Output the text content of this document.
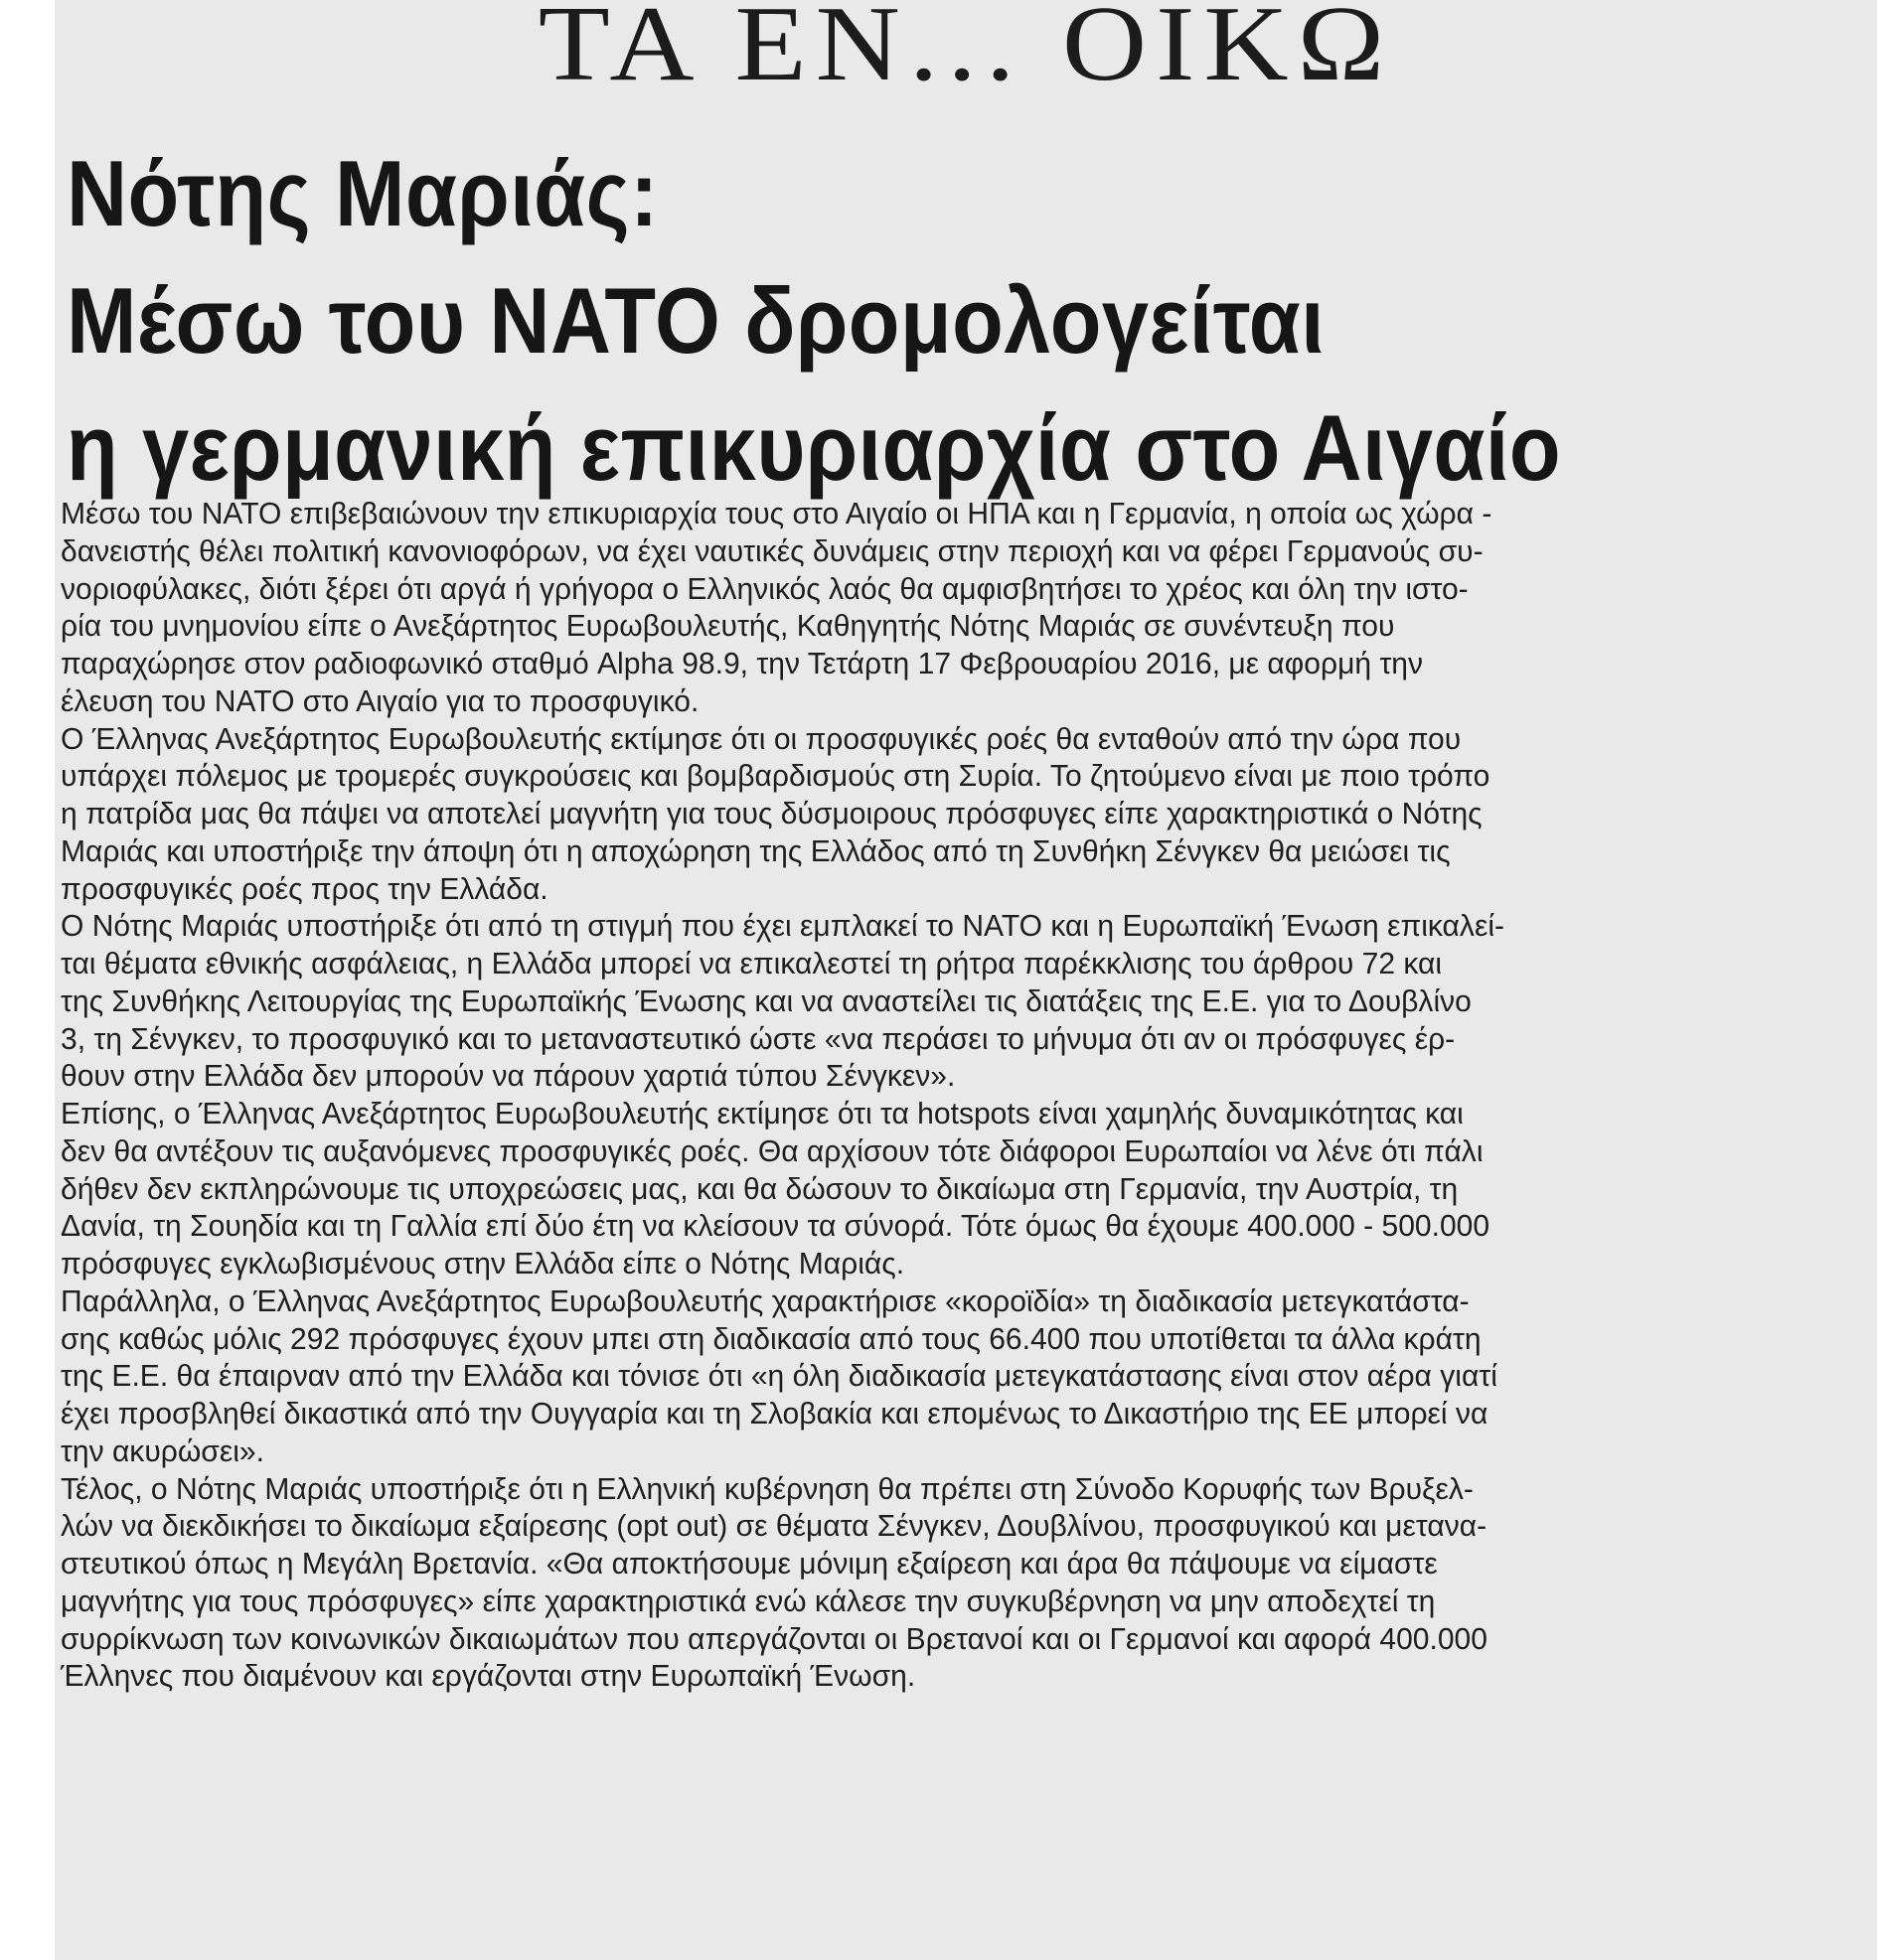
ΤΑ ΕΝ... ΟΙΚΩ
Νότης Μαριάς:
Μέσω του ΝΑΤΟ δρομολογείται
η γερμανική επικυριαρχία στο Αιγαίο
Μέσω του ΝΑΤΟ επιβεβαιώνουν την επικυριαρχία τους στο Αιγαίο οι ΗΠΑ και η Γερμανία, η οποία ως χώρα -
δανειστής θέλει πολιτική κανονιοφόρων, να έχει ναυτικές δυνάμεις στην περιοχή και να φέρει Γερμανούς συ-
νοριοφύλακες, διότι ξέρει ότι αργά ή γρήγορα ο Ελληνικός λαός θα αμφισβητήσει το χρέος και όλη την ιστο-
ρία του μνημονίου είπε ο Ανεξάρτητος Ευρωβουλευτής, Καθηγητής Νότης Μαριάς σε συνέντευξη που
παραχώρησε στον ραδιοφωνικό σταθμό Alpha 98.9, την Τετάρτη 17 Φεβρουαρίου 2016, με αφορμή την
έλευση του ΝΑΤΟ στο Αιγαίο για το προσφυγικό.
Ο Έλληνας Ανεξάρτητος Ευρωβουλευτής εκτίμησε ότι οι προσφυγικές ροές θα ενταθούν από την ώρα που
υπάρχει πόλεμος με τρομερές συγκρούσεις και βομβαρδισμούς στη Συρία. Το ζητούμενο είναι με ποιο τρόπο
η πατρίδα μας θα πάψει να αποτελεί μαγνήτη για τους δύσμοιρους πρόσφυγες είπε χαρακτηριστικά ο Νότης
Μαριάς και υποστήριξε την άποψη ότι η αποχώρηση της Ελλάδος από τη Συνθήκη Σένγκεν θα μειώσει τις
προσφυγικές ροές προς την Ελλάδα.
Ο Νότης Μαριάς υποστήριξε ότι από τη στιγμή που έχει εμπλακεί το ΝΑΤΟ και η Ευρωπαϊκή Ένωση επικαλεί-
ται θέματα εθνικής ασφάλειας, η Ελλάδα μπορεί να επικαλεστεί τη ρήτρα παρέκκλισης του άρθρου 72 και
της Συνθήκης Λειτουργίας της Ευρωπαϊκής Ένωσης και να αναστείλει τις διατάξεις της Ε.Ε. για το Δουβλίνο
3, τη Σένγκεν, το προσφυγικό και το μεταναστευτικό ώστε «να περάσει το μήνυμα ότι αν οι πρόσφυγες έρ-
θουν στην Ελλάδα δεν μπορούν να πάρουν χαρτιά τύπου Σένγκεν».
Επίσης, ο Έλληνας Ανεξάρτητος Ευρωβουλευτής εκτίμησε ότι τα hotspots είναι χαμηλής δυναμικότητας και
δεν θα αντέξουν τις αυξανόμενες προσφυγικές ροές. Θα αρχίσουν τότε διάφοροι Ευρωπαίοι να λένε ότι πάλι
δήθεν δεν εκπληρώνουμε τις υποχρεώσεις μας, και θα δώσουν το δικαίωμα στη Γερμανία, την Αυστρία, τη
Δανία, τη Σουηδία και τη Γαλλία επί δύο έτη να κλείσουν τα σύνορά. Τότε όμως θα έχουμε 400.000 - 500.000
πρόσφυγες εγκλωβισμένους στην Ελλάδα είπε ο Νότης Μαριάς.
Παράλληλα, ο Έλληνας Ανεξάρτητος Ευρωβουλευτής χαρακτήρισε «κοροϊδία» τη διαδικασία μετεγκατάστα-
σης καθώς μόλις 292 πρόσφυγες έχουν μπει στη διαδικασία από τους 66.400 που υποτίθεται τα άλλα κράτη
της Ε.Ε. θα έπαιρναν από την Ελλάδα και τόνισε ότι «η όλη διαδικασία μετεγκατάστασης είναι στον αέρα γιατί
έχει προσβληθεί δικαστικά από την Ουγγαρία και τη Σλοβακία και επομένως το Δικαστήριο της ΕΕ μπορεί να
την ακυρώσει».
Τέλος, ο Νότης Μαριάς υποστήριξε ότι η Ελληνική κυβέρνηση θα πρέπει στη Σύνοδο Κορυφής των Βρυξελ-
λών να διεκδικήσει το δικαίωμα εξαίρεσης (opt out) σε θέματα Σένγκεν, Δουβλίνου, προσφυγικού και μετανα-
στευτικού όπως η Μεγάλη Βρετανία. «Θα αποκτήσουμε μόνιμη εξαίρεση και άρα θα πάψουμε να είμαστε
μαγνήτης για τους πρόσφυγες» είπε χαρακτηριστικά ενώ κάλεσε την συγκυβέρνηση να μην αποδεχτεί τη
συρρίκνωση των κοινωνικών δικαιωμάτων που απεργάζονται οι Βρετανοί και οι Γερμανοί και αφορά 400.000
Έλληνες που διαμένουν και εργάζονται στην Ευρωπαϊκή Ένωση.
